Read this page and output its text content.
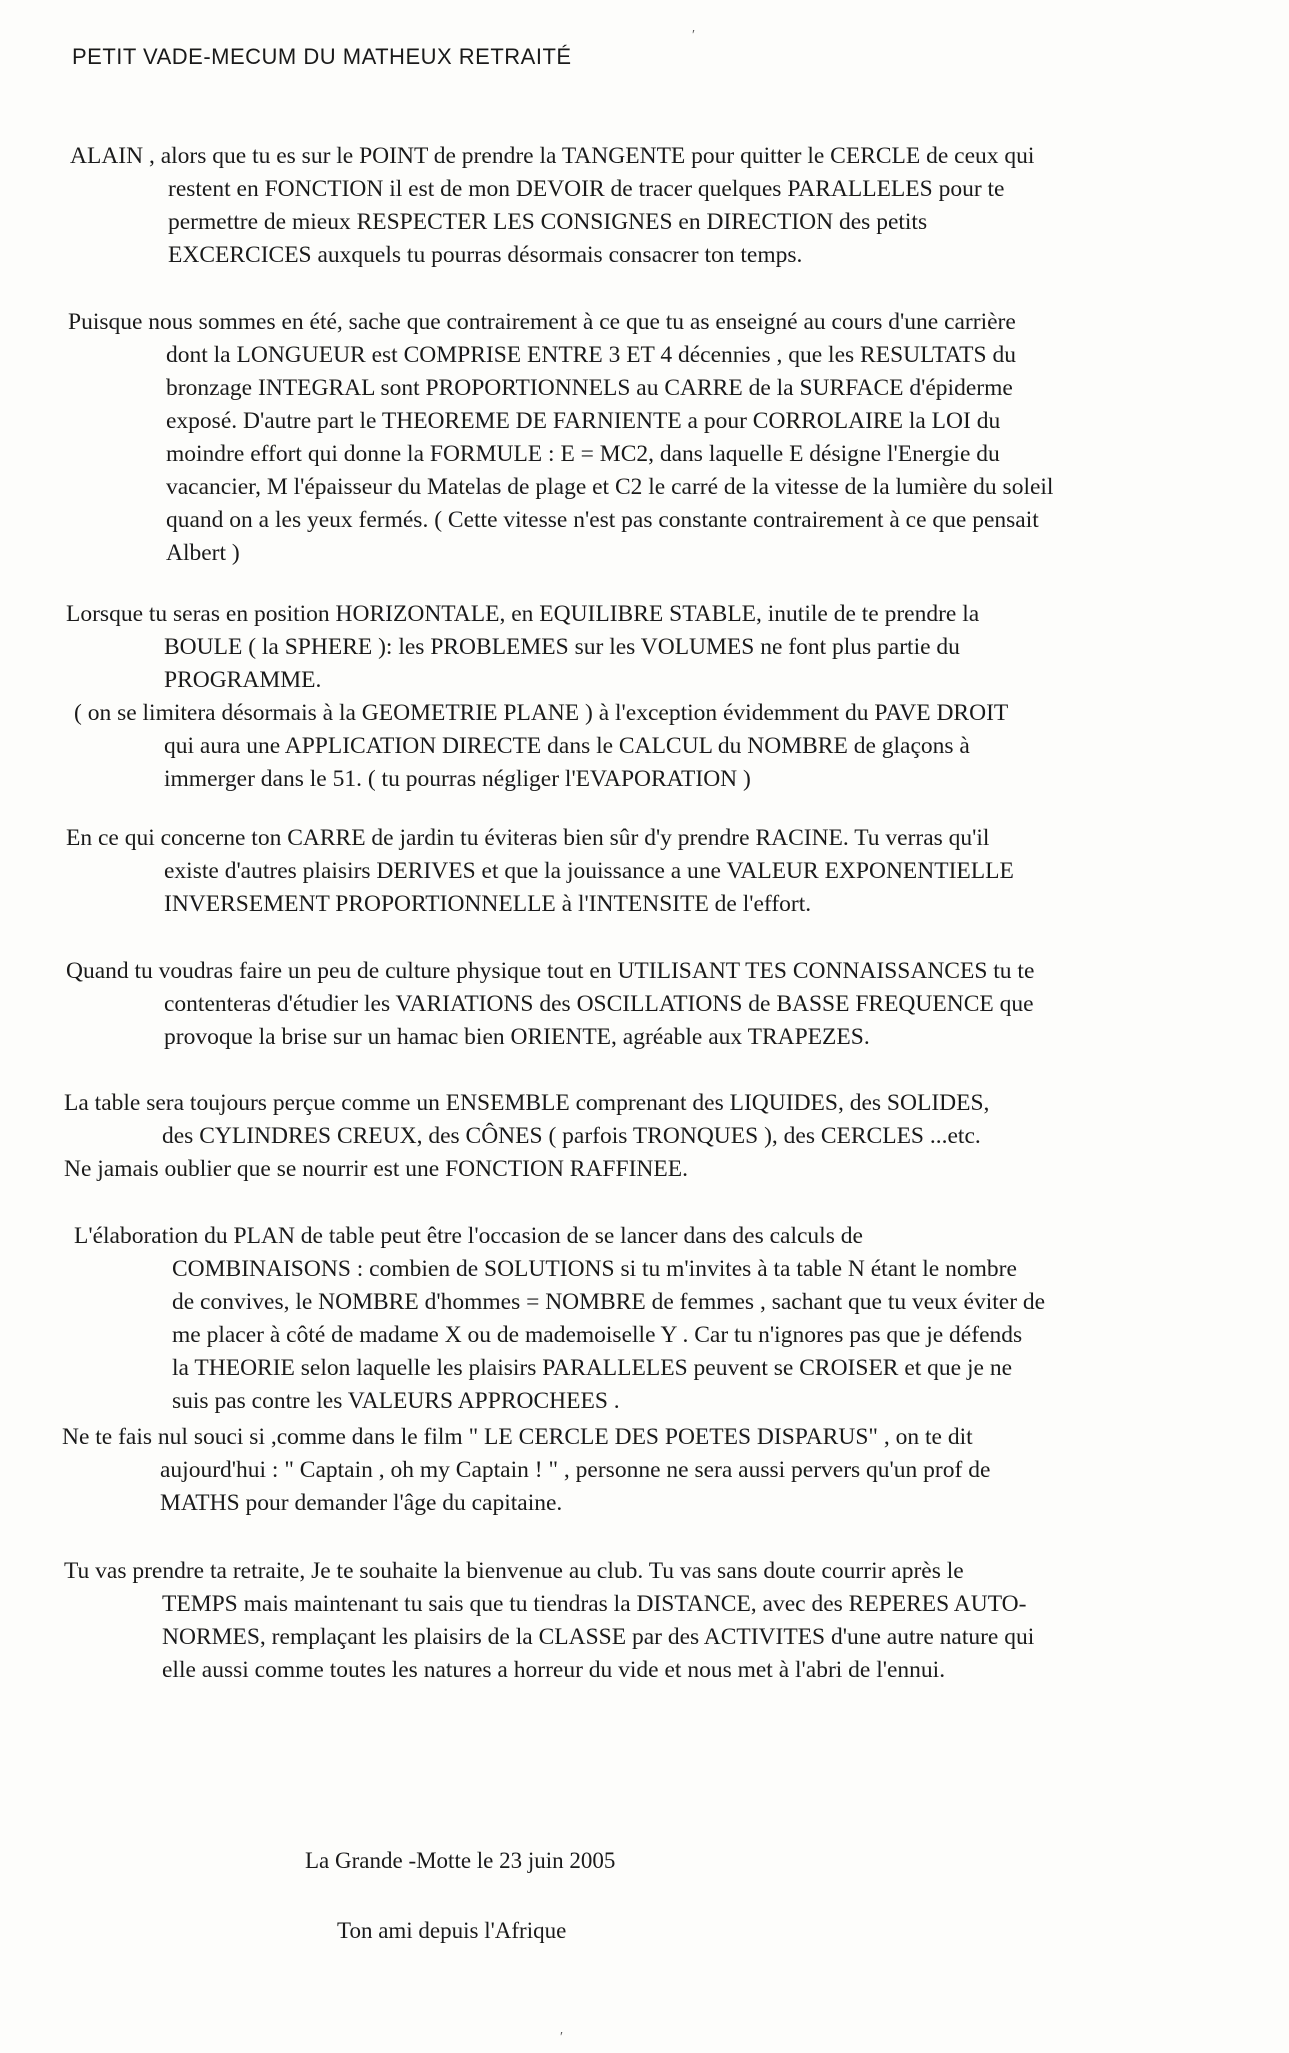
PETIT VADE-MECUM DU MATHEUX RETRAITÉ
ALAIN , alors que tu es sur le POINT de prendre la TANGENTE pour quitter le CERCLE de ceux qui
restent en FONCTION il est de mon DEVOIR de tracer quelques PARALLELES pour te
permettre de mieux RESPECTER LES CONSIGNES en DIRECTION des petits
EXCERCICES auxquels tu pourras désormais consacrer ton temps.
Puisque nous sommes en été, sache que contrairement à ce que tu as enseigné au cours d'une carrière
dont la LONGUEUR est COMPRISE ENTRE 3 ET 4 décennies , que les RESULTATS du
bronzage INTEGRAL sont PROPORTIONNELS au CARRE de la SURFACE d'épiderme
exposé. D'autre part le THEOREME DE FARNIENTE a pour CORROLAIRE la LOI du
moindre effort qui donne la FORMULE : E = MC2, dans laquelle E désigne l'Energie du
vacancier, M l'épaisseur du Matelas de plage et C2 le carré de la vitesse de la lumière du soleil
quand on a les yeux fermés. ( Cette vitesse n'est pas constante contrairement à ce que pensait
Albert )
Lorsque tu seras en position HORIZONTALE, en EQUILIBRE STABLE, inutile de te prendre la
BOULE ( la SPHERE ): les PROBLEMES sur les VOLUMES ne font plus partie du
PROGRAMME.
( on se limitera désormais à la GEOMETRIE PLANE ) à l'exception évidemment du PAVE DROIT
qui aura une APPLICATION DIRECTE dans le CALCUL du NOMBRE de glaçons à
immerger dans le 51. ( tu pourras négliger l'EVAPORATION )
En ce qui concerne ton CARRE de jardin tu éviteras bien sûr d'y prendre RACINE. Tu verras qu'il
existe d'autres plaisirs DERIVES et que la jouissance a une VALEUR EXPONENTIELLE
INVERSEMENT PROPORTIONNELLE à l'INTENSITE de l'effort.
Quand tu voudras faire un peu de culture physique tout en UTILISANT TES CONNAISSANCES tu te
contenteras d'étudier les VARIATIONS des OSCILLATIONS de BASSE FREQUENCE que
provoque la brise sur un hamac bien ORIENTE, agréable aux TRAPEZES.
La table sera toujours perçue comme un ENSEMBLE comprenant des LIQUIDES, des SOLIDES,
des CYLINDRES CREUX, des CÔNES ( parfois TRONQUES ), des CERCLES ...etc.
Ne jamais oublier que se nourrir est une FONCTION RAFFINEE.
L'élaboration du PLAN de table peut être l'occasion de se lancer dans des calculs de
COMBINAISONS : combien de SOLUTIONS si tu m'invites à ta table N étant le nombre
de convives, le NOMBRE d'hommes = NOMBRE de femmes , sachant que tu veux éviter de
me placer à côté de madame X ou de mademoiselle Y . Car tu n'ignores pas que je défends
la THEORIE selon laquelle les plaisirs PARALLELES peuvent se CROISER et que je ne
suis pas contre les VALEURS APPROCHEES .
Ne te fais nul souci si ,comme dans le film " LE CERCLE DES POETES DISPARUS" , on te dit
aujourd'hui : " Captain , oh my Captain ! " , personne ne sera aussi pervers qu'un prof de
MATHS pour demander l'âge du capitaine.
Tu vas prendre ta retraite, Je te souhaite la bienvenue au club. Tu vas sans doute courrir après le
TEMPS mais maintenant tu sais que tu tiendras la DISTANCE, avec des REPERES AUTO-
NORMES, remplaçant les plaisirs de la CLASSE par des ACTIVITES d'une autre nature qui
elle aussi comme toutes les natures a horreur du vide et nous met à l'abri de l'ennui.
La Grande -Motte le 23 juin 2005
Ton ami depuis l'Afrique
′
′
